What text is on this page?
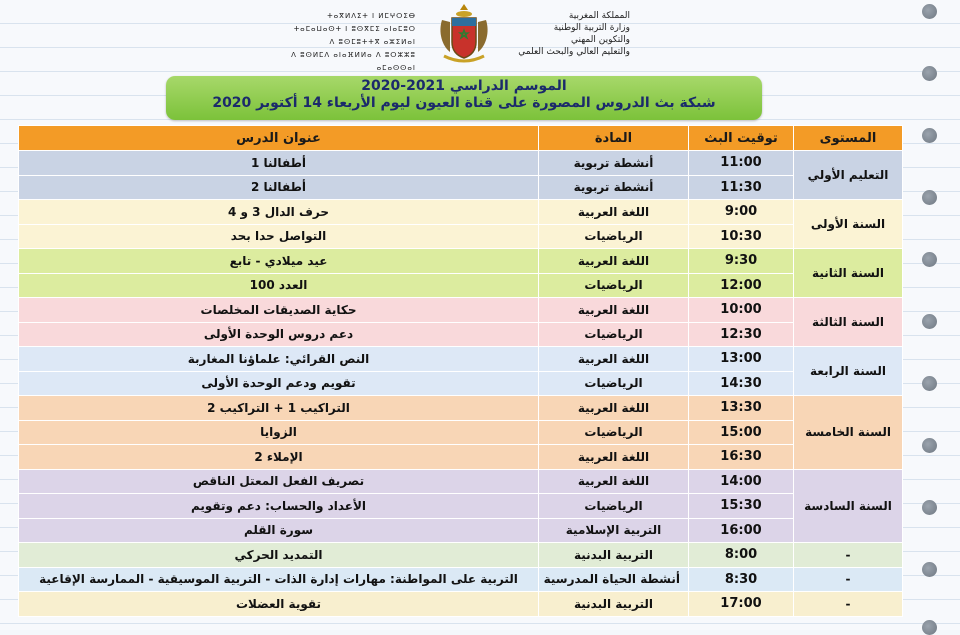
ⵜⴰⴳⵍⴷⵉⵜ ⵏ ⵍⵎⵖⵔⵉⴱ
ⵜⴰⵎⴰⵡⴰⵙⵜ ⵏ ⵓⵙⴳⵎⵉ ⴰⵏⴰⵎⵓⵔ
ⴷ ⵓⵙⵎⵓⵜⵜⴳ ⴰⵣⵉⵍⴰⵏ
ⴷ ⵓⵙⵍⵎⴷ ⴰⵏⴰⴼⵍⵍⴰ ⴷ ⵓⵔⵣⵣⵓ ⴰⵎⴰⵙⵙⴰⵏ
المملكة المغربية
وزارة التربية الوطنية
والتكوين المهني
والتعليم العالي والبحث العلمي
الموسم الدراسي 2021-2020
شبكة بث الدروس المصورة على قناة العيون ليوم الأربعاء 14 أكتوبر 2020
المستوى	توقيت البث	المادة	عنوان الدرس
التعليم الأولي	11:00	أنشطة تربوية	أطفالنا 1
	11:30	أنشطة تربوية	أطفالنا 2
السنة الأولى	9:00	اللغة العربية	حرف الدال 3 و 4
	10:30	الرياضيات	التواصل حدا بحد
السنة الثانية	9:30	اللغة العربية	عيد ميلادي - تابع
	12:00	الرياضيات	العدد 100
السنة الثالثة	10:00	اللغة العربية	حكاية الصديقات المخلصات
	12:30	الرياضيات	دعم دروس الوحدة الأولى
السنة الرابعة	13:00	اللغة العربية	النص القرائي: علماؤنا المغاربة
	14:30	الرياضيات	تقويم ودعم الوحدة الأولى
السنة الخامسة	13:30	اللغة العربية	التراكيب 1 + التراكيب 2
	15:00	الرياضيات	الزوايا
	16:30	اللغة العربية	الإملاء 2
السنة السادسة	14:00	اللغة العربية	تصريف الفعل المعتل الناقص
	15:30	الرياضيات	الأعداد والحساب: دعم وتقويم
	16:00	التربية الإسلامية	سورة القلم
-	8:00	التربية البدنية	التمديد الحركي
-	8:30	أنشطة الحياة المدرسية	التربية على المواطنة: مهارات إدارة الذات - التربية الموسيقية - الممارسة الإقاعية
-	17:00	التربية البدنية	تقوية العضلات
